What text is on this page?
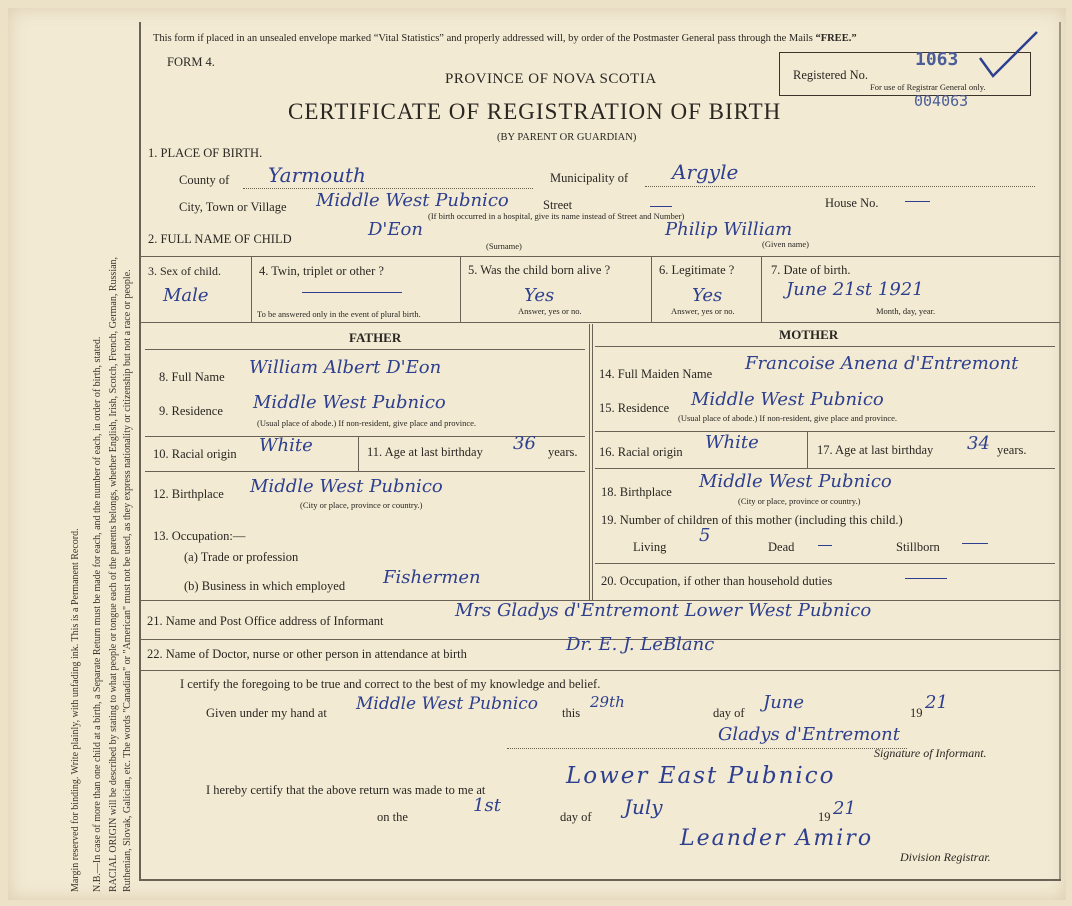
Margin reserved for binding. Write plainly, with unfading ink. This is a Permanent Record. N.B.—In case of more than one child at a birth, a Separate Return must be made for each, and the number of each, in order of birth, stated. RACIAL ORIGIN will be described by stating to what people or tongue each of the parents belongs, whether English, Irish, Scotch, French, German, Russian, Ruthenian, Slovak, Galician, etc. The words "Canadian" or "American" must not be used, as they express nationality or citizenship but not a race or people.
This form if placed in an unsealed envelope marked “Vital Statistics” and properly addressed will, by order of the Postmaster General pass through the Mails “FREE.”
FORM 4.
PROVINCE OF NOVA SCOTIA
CERTIFICATE OF REGISTRATION OF BIRTH
(BY PARENT OR GUARDIAN)
Registered No.
1063
For use of Registrar General only.
004063
1. PLACE OF BIRTH.
County of Yarmouth	Municipality of Argyle
City, Town or Village Middle West Pubnico	Street	House No.
(If birth occurred in a hospital, give its name instead of Street and Number)
2. FULL NAME OF CHILD	D'Eon
(Surname)
Philip William
(Given name)
3. Sex of child.
Male
4. Twin, triplet or other ?
To be answered only in the event of plural birth.
5. Was the child born alive ?
Yes
Answer, yes or no.
6. Legitimate ?
Yes
Answer, yes or no.
7. Date of birth.
June 21st 1921
Month, day, year.
FATHER	MOTHER
8. Full Name William Albert D'Eon
9. Residence Middle West Pubnico
(Usual place of abode.) If non-resident, give place and province.
10. Racial origin White	11. Age at last birthday 36 years.
12. Birthplace Middle West Pubnico
(City or place, province or country.)
13. Occupation:—
(a) Trade or profession
(b) Business in which employed Fishermen
14. Full Maiden Name Francoise Anena d'Entremont
15. Residence Middle West Pubnico
(Usual place of abode.) If non-resident, give place and province.
16. Racial origin White	17. Age at last birthday 34 years.
18. Birthplace Middle West Pubnico
(City or place, province or country.)
19. Number of children of this mother (including this child.)
Living
5
Dead	Stillborn
20. Occupation, if other than household duties
21. Name and Post Office address of Informant	Mrs Gladys d'Entremont Lower West Pubnico
22. Name of Doctor, nurse or other person in attendance at birth	Dr. E. J. LeBlanc
I certify the foregoing to be true and correct to the best of my knowledge and belief.
Given under my hand at Middle West Pubnico this
29th
day of June	19 21
Gladys d'Entremont
Signature of Informant.
I hereby certify that the above return was made to me at
Lower East Pubnico
on the
1st
day of July	19 21
Leander Amiro
Division Registrar.
